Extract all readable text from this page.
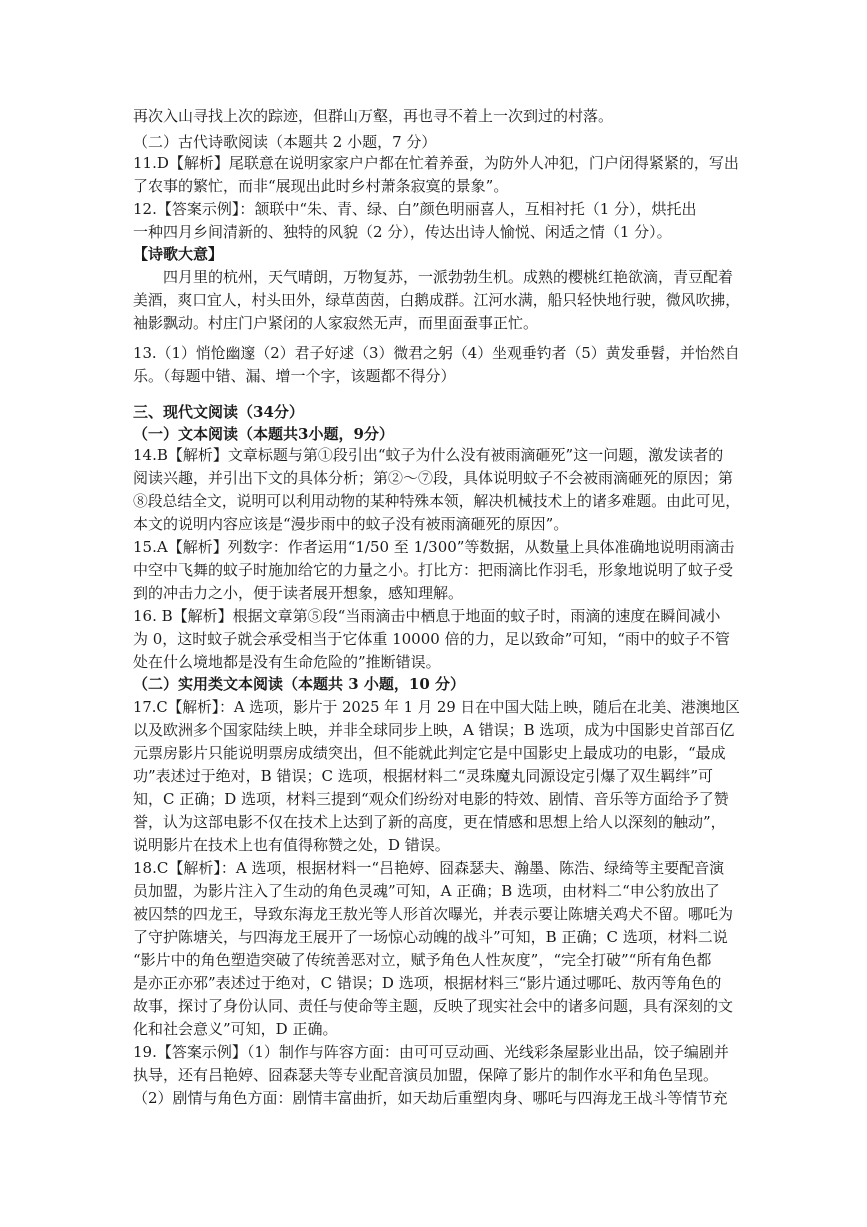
再次入山寻找上次的踪迹，但群山万壑，再也寻不着上一次到过的村落。
（二）古代诗歌阅读（本题共 2 小题，7 分）
11.D【解析】尾联意在说明家家户户都在忙着养蚕，为防外人冲犯，门户闭得紧紧的，写出
了农事的繁忙，而非“展现出此时乡村萧条寂寞的景象”。
12.【答案示例】：颔联中“朱、青、绿、白”颜色明丽喜人，互相衬托（1 分），烘托出
一种四月乡间清新的、独特的风貌（2 分），传达出诗人愉悦、闲适之情（1 分）。
【诗歌大意】
四月里的杭州，天气晴朗，万物复苏，一派勃勃生机。成熟的樱桃红艳欲滴，青豆配着
美酒，爽口宜人，村头田外，绿草茵茵，白鹅成群。江河水满，船只轻快地行驶，微风吹拂，
袖影飘动。村庄门户紧闭的人家寂然无声，而里面蚕事正忙。
13.（1）悄怆幽邃（2）君子好逑（3）微君之躬（4）坐观垂钓者（5）黄发垂髫，并怡然自
乐。（每题中错、漏、增一个字，该题都不得分）
三、现代文阅读（34分）
（一）文本阅读（本题共3小题，9分）
14.B【解析】文章标题与第①段引出“蚊子为什么没有被雨滴砸死”这一问题，激发读者的
阅读兴趣，并引出下文的具体分析；第②～⑦段，具体说明蚊子不会被雨滴砸死的原因；第
⑧段总结全文，说明可以利用动物的某种特殊本领，解决机械技术上的诸多难题。由此可见，
本文的说明内容应该是“漫步雨中的蚊子没有被雨滴砸死的原因”。
15.A【解析】列数字：作者运用“1/50 至 1/300”等数据，从数量上具体准确地说明雨滴击
中空中飞舞的蚊子时施加给它的力量之小。打比方：把雨滴比作羽毛，形象地说明了蚊子受
到的冲击力之小，便于读者展开想象，感知理解。
16. B【解析】根据文章第⑤段“当雨滴击中栖息于地面的蚊子时，雨滴的速度在瞬间减小
为 0，这时蚊子就会承受相当于它体重 10000 倍的力，足以致命”可知，“雨中的蚊子不管
处在什么境地都是没有生命危险的”推断错误。
（二）实用类文本阅读（本题共 3 小题，10 分）
17.C【解析】：A 选项，影片于 2025 年 1 月 29 日在中国大陆上映，随后在北美、港澳地区
以及欧洲多个国家陆续上映，并非全球同步上映，A 错误；B 选项，成为中国影史首部百亿
元票房影片只能说明票房成绩突出，但不能就此判定它是中国影史上最成功的电影，“最成
功”表述过于绝对，B 错误；C 选项，根据材料二“灵珠魔丸同源设定引爆了双生羁绊”可
知，C 正确；D 选项，材料三提到“观众们纷纷对电影的特效、剧情、音乐等方面给予了赞
誉，认为这部电影不仅在技术上达到了新的高度，更在情感和思想上给人以深刻的触动”，
说明影片在技术上也有值得称赞之处，D 错误。
18.C【解析】：A 选项，根据材料一“吕艳婷、囧森瑟夫、瀚墨、陈浩、绿绮等主要配音演
员加盟，为影片注入了生动的角色灵魂”可知，A 正确；B 选项，由材料二“申公豹放出了
被囚禁的四龙王，导致东海龙王敖光等人形首次曝光，并表示要让陈塘关鸡犬不留。哪吒为
了守护陈塘关，与四海龙王展开了一场惊心动魄的战斗”可知，B 正确；C 选项，材料二说
“影片中的角色塑造突破了传统善恶对立，赋予角色人性灰度”，“完全打破”“所有角色都
是亦正亦邪”表述过于绝对，C 错误；D 选项，根据材料三“影片通过哪吒、敖丙等角色的
故事，探讨了身份认同、责任与使命等主题，反映了现实社会中的诸多问题，具有深刻的文
化和社会意义”可知，D 正确。
19.【答案示例】（1）制作与阵容方面：由可可豆动画、光线彩条屋影业出品，饺子编剧并
执导，还有吕艳婷、囧森瑟夫等专业配音演员加盟，保障了影片的制作水平和角色呈现。
（2）剧情与角色方面：剧情丰富曲折，如天劫后重塑肉身、哪吒与四海龙王战斗等情节充
